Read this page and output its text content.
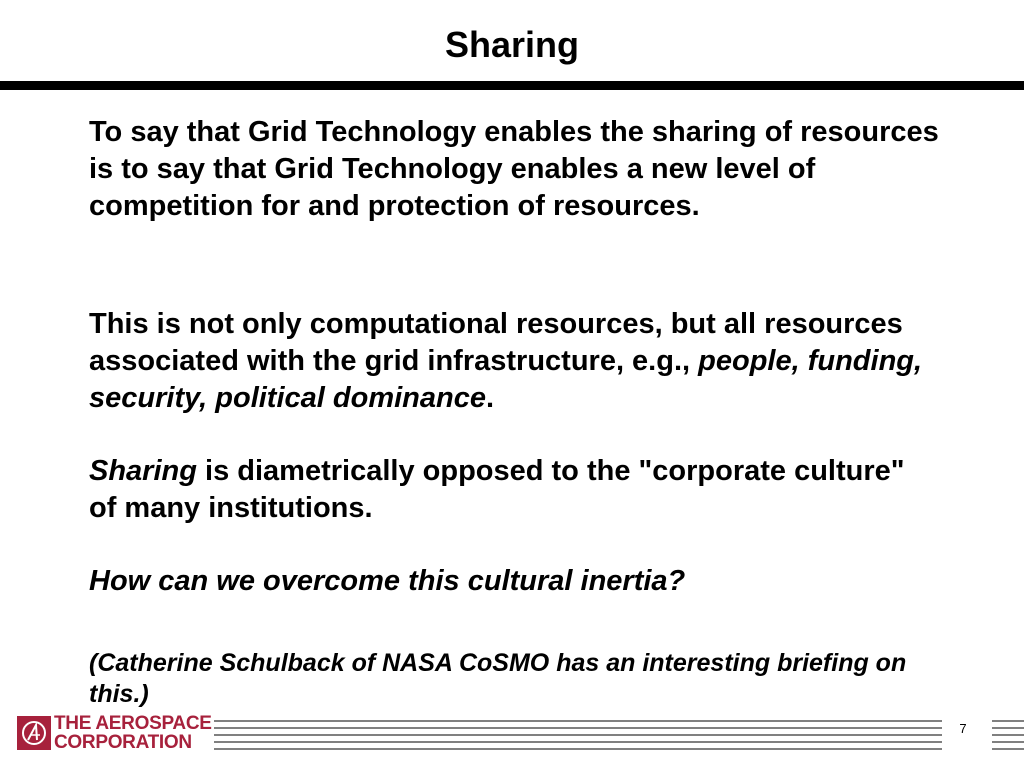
Sharing

To say that Grid Technology enables the sharing of resources is to say that Grid Technology enables a new level of competition for and protection of resources.

This is not only computational resources, but all resources associated with the grid infrastructure, e.g., people, funding, security, political dominance.

Sharing is diametrically opposed to the "corporate culture" of many institutions.

How can we overcome this cultural inertia?

(Catherine Schulback of NASA CoSMO has an interesting briefing on this.)

THE AEROSPACE
CORPORATION
7
